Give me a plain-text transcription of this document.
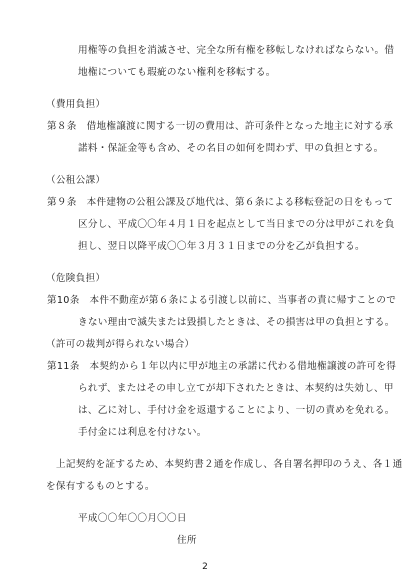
用権等の負担を消滅させ、完全な所有権を移転しなければならない。借
地権についても瑕疵のない権利を移転する。
（費用負担）
第８条　借地権譲渡に関する一切の費用は、許可条件となった地主に対する承
諾料・保証金等も含め、その名目の如何を問わず、甲の負担とする。
（公租公課）
第９条　本件建物の公租公課及び地代は、第６条による移転登記の日をもって
区分し、平成〇〇年４月１日を起点として当日までの分は甲がこれを負
担し、翌日以降平成〇〇年３月３１日までの分を乙が負担する。
（危険負担）
第10条　本件不動産が第６条による引渡し以前に、当事者の責に帰すことので
きない理由で滅失または毀損したときは、その損害は甲の負担とする。
（許可の裁判が得られない場合）
第11条　本契約から１年以内に甲が地主の承諾に代わる借地権譲渡の許可を得
られず、またはその申し立てが却下されたときは、本契約は失効し、甲
は、乙に対し、手付け金を返還することにより、一切の責めを免れる。
手付金には利息を付けない。
上記契約を証するため、本契約書２通を作成し、各自署名押印のうえ、各１通
を保有するものとする。
平成〇〇年〇〇月〇〇日
住所
2
